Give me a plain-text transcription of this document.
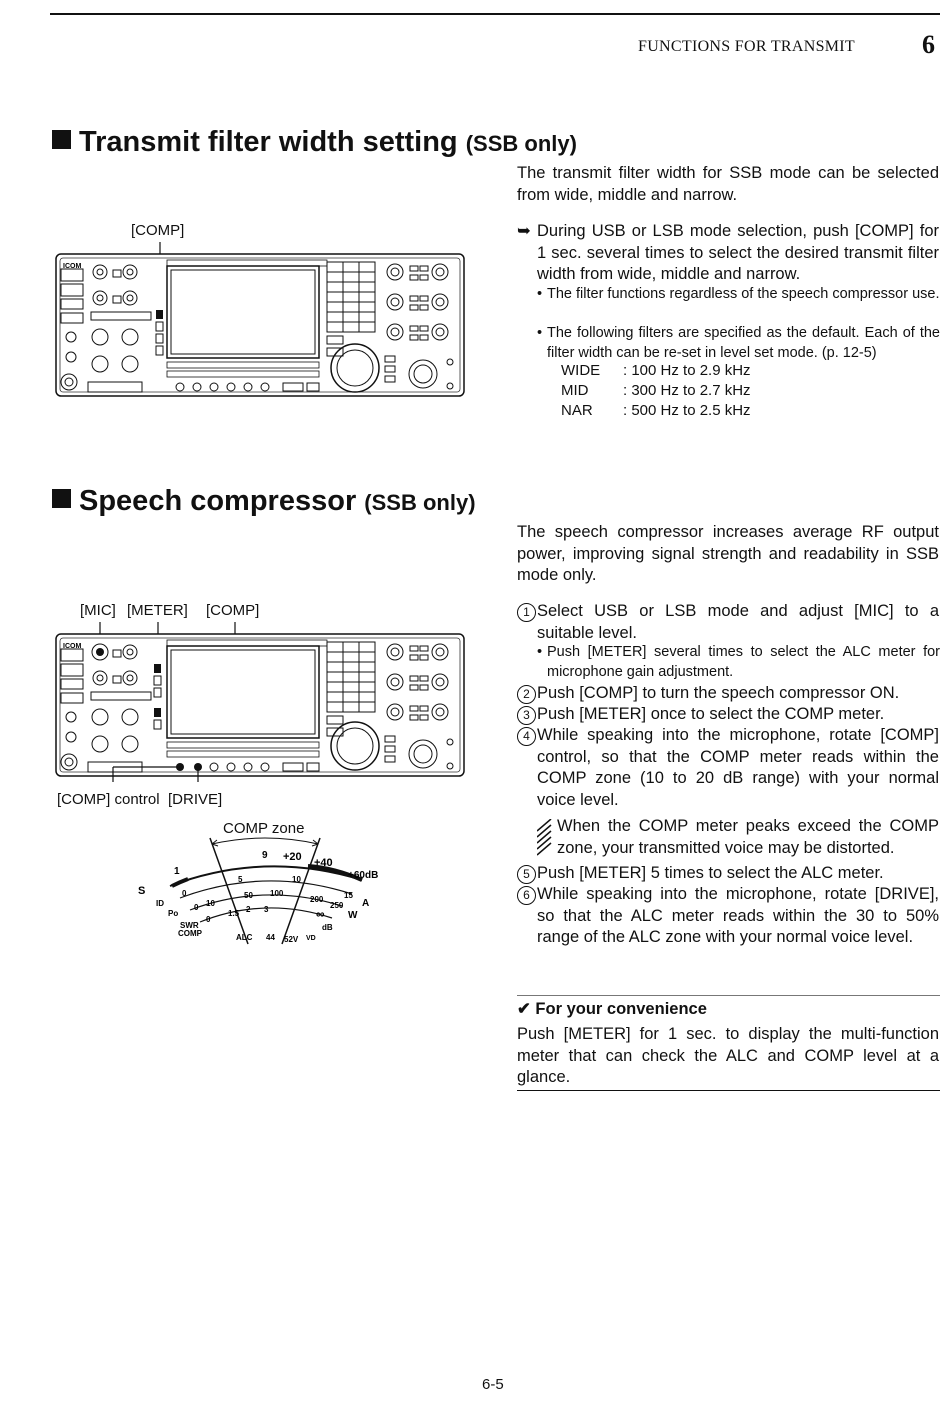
FUNCTIONS FOR TRANSMIT	6
Transmit filter width setting (SSB only)
[COMP]
ICOM
The transmit filter width for SSB mode can be selected from wide, middle and narrow.
➥ During USB or LSB mode selection, push [COMP] for 1 sec. several times to select the desired transmit filter width from wide, middle and narrow.
• The filter functions regardless of the speech compressor use.
• The following filters are specified as the default. Each of the filter width can be re-set in level set mode. (p. 12-5)
WIDE : 100 Hz to 2.9 kHz
MID : 300 Hz to 2.7 kHz
NAR : 500 Hz to 2.5 kHz
Speech compressor (SSB only)
The speech compressor increases average RF output power, improving signal strength and readability in SSB mode only.
[MIC] [METER] [COMP]
ICOM
[COMP] control [DRIVE]
COMP zone
S
1
9 +20 +40
+60dB
0
5	10
15
A
ID
Po
0 10
50 100
200
250
W
SWR
COMP
0
1.5 2 3	∞
dB
ALC 44 52V VD
1 Select USB or LSB mode and adjust [MIC] to a suitable level.
• Push [METER] several times to select the ALC meter for microphone gain adjustment.
2 Push [COMP] to turn the speech compressor ON.
3 Push [METER] once to select the COMP meter.
4 While speaking into the microphone, rotate [COMP] control, so that the COMP meter reads within the COMP zone (10 to 20 dB range) with your normal voice level.
When the COMP meter peaks exceed the COMP zone, your transmitted voice may be distorted.
5 Push [METER] 5 times to select the ALC meter.
6 While speaking into the microphone, rotate [DRIVE], so that the ALC meter reads within the 30 to 50% range of the ALC zone with your normal voice level.
✔ For your convenience
Push [METER] for 1 sec. to display the multi-function meter that can check the ALC and COMP level at a glance.
6-5
